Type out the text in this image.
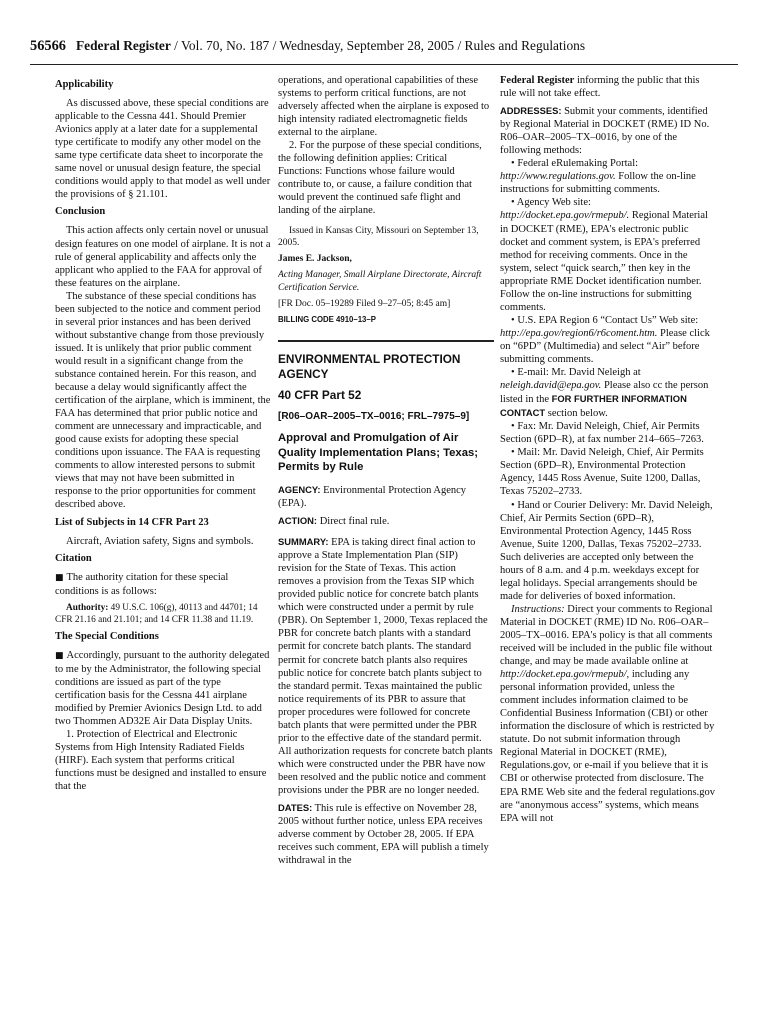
56566 Federal Register / Vol. 70, No. 187 / Wednesday, September 28, 2005 / Rules and Regulations

Applicability

As discussed above, these special conditions are applicable to the Cessna 441. Should Premier Avionics apply at a later date for a supplemental type certificate to modify any other model on the same type certificate data sheet to incorporate the same novel or unusual design feature, the special conditions would apply to that model as well under the provisions of § 21.101.

Conclusion

This action affects only certain novel or unusual design features on one model of airplane. It is not a rule of general applicability and affects only the applicant who applied to the FAA for approval of these features on the airplane.

The substance of these special conditions has been subjected to the notice and comment period in several prior instances and has been derived without substantive change from those previously issued. It is unlikely that prior public comment would result in a significant change from the substance contained herein. For this reason, and because a delay would significantly affect the certification of the airplane, which is imminent, the FAA has determined that prior public notice and comment are unnecessary and impracticable, and good cause exists for adopting these special conditions upon issuance. The FAA is requesting comments to allow interested persons to submit views that may not have been submitted in response to the prior opportunities for comment described above.

List of Subjects in 14 CFR Part 23

Aircraft, Aviation safety, Signs and symbols.

Citation

■ The authority citation for these special conditions is as follows:

Authority: 49 U.S.C. 106(g), 40113 and 44701; 14 CFR 21.16 and 21.101; and 14 CFR 11.38 and 11.19.

The Special Conditions

■ Accordingly, pursuant to the authority delegated to me by the Administrator, the following special conditions are issued as part of the type certification basis for the Cessna 441 airplane modified by Premier Avionics Design Ltd. to add two Thommen AD32E Air Data Display Units.

1. Protection of Electrical and Electronic Systems from High Intensity Radiated Fields (HIRF). Each system that performs critical functions must be designed and installed to ensure that the

operations, and operational capabilities of these systems to perform critical functions, are not adversely affected when the airplane is exposed to high intensity radiated electromagnetic fields external to the airplane.

2. For the purpose of these special conditions, the following definition applies: Critical Functions: Functions whose failure would contribute to, or cause, a failure condition that would prevent the continued safe flight and landing of the airplane.

Issued in Kansas City, Missouri on September 13, 2005.

James E. Jackson,

Acting Manager, Small Airplane Directorate, Aircraft Certification Service.

[FR Doc. 05–19289 Filed 9–27–05; 8:45 am]

BILLING CODE 4910–13–P

ENVIRONMENTAL PROTECTION AGENCY

40 CFR Part 52

[R06–OAR–2005–TX–0016; FRL–7975–9]

Approval and Promulgation of Air Quality Implementation Plans; Texas; Permits by Rule

AGENCY: Environmental Protection Agency (EPA).

ACTION: Direct final rule.

SUMMARY: EPA is taking direct final action to approve a State Implementation Plan (SIP) revision for the State of Texas. This action removes a provision from the Texas SIP which provided public notice for concrete batch plants which were constructed under a permit by rule (PBR). On September 1, 2000, Texas replaced the PBR for concrete batch plants with a standard permit for concrete batch plants. The standard permit for concrete batch plants also requires public notice for concrete batch plants subject to the standard permit. Texas maintained the public notice requirements of its PBR to assure that proper procedures were followed for concrete batch plants that were permitted under the PBR prior to the effective date of the standard permit. All authorization requests for concrete batch plants which were constructed under the PBR have now been resolved and the public notice and comment provisions under the PBR are no longer needed.

DATES: This rule is effective on November 28, 2005 without further notice, unless EPA receives adverse comment by October 28, 2005. If EPA receives such comment, EPA will publish a timely withdrawal in the

Federal Register informing the public that this rule will not take effect.

ADDRESSES: Submit your comments, identified by Regional Material in DOCKET (RME) ID No. R06–OAR–2005–TX–0016, by one of the following methods:

• Federal eRulemaking Portal: http://www.regulations.gov. Follow the on-line instructions for submitting comments.

• Agency Web site: http://docket.epa.gov/rmepub/. Regional Material in DOCKET (RME), EPA's electronic public docket and comment system, is EPA's preferred method for receiving comments. Once in the system, select “quick search,” then key in the appropriate RME Docket identification number. Follow the on-line instructions for submitting comments.

• U.S. EPA Region 6 “Contact Us” Web site: http://epa.gov/region6/r6coment.htm. Please click on “6PD” (Multimedia) and select “Air” before submitting comments.

• E-mail: Mr. David Neleigh at neleigh.david@epa.gov. Please also cc the person listed in the FOR FURTHER INFORMATION CONTACT section below.

• Fax: Mr. David Neleigh, Chief, Air Permits Section (6PD–R), at fax number 214–665–7263.

• Mail: Mr. David Neleigh, Chief, Air Permits Section (6PD–R), Environmental Protection Agency, 1445 Ross Avenue, Suite 1200, Dallas, Texas 75202–2733.

• Hand or Courier Delivery: Mr. David Neleigh, Chief, Air Permits Section (6PD–R), Environmental Protection Agency, 1445 Ross Avenue, Suite 1200, Dallas, Texas 75202–2733. Such deliveries are accepted only between the hours of 8 a.m. and 4 p.m. weekdays except for legal holidays. Special arrangements should be made for deliveries of boxed information.

Instructions: Direct your comments to Regional Material in DOCKET (RME) ID No. R06–OAR–2005–TX–0016. EPA's policy is that all comments received will be included in the public file without change, and may be made available online at http://docket.epa.gov/rmepub/, including any personal information provided, unless the comment includes information claimed to be Confidential Business Information (CBI) or other information the disclosure of which is restricted by statute. Do not submit information through Regional Material in DOCKET (RME), Regulations.gov, or e-mail if you believe that it is CBI or otherwise protected from disclosure. The EPA RME Web site and the federal regulations.gov are “anonymous access” systems, which means EPA will not
